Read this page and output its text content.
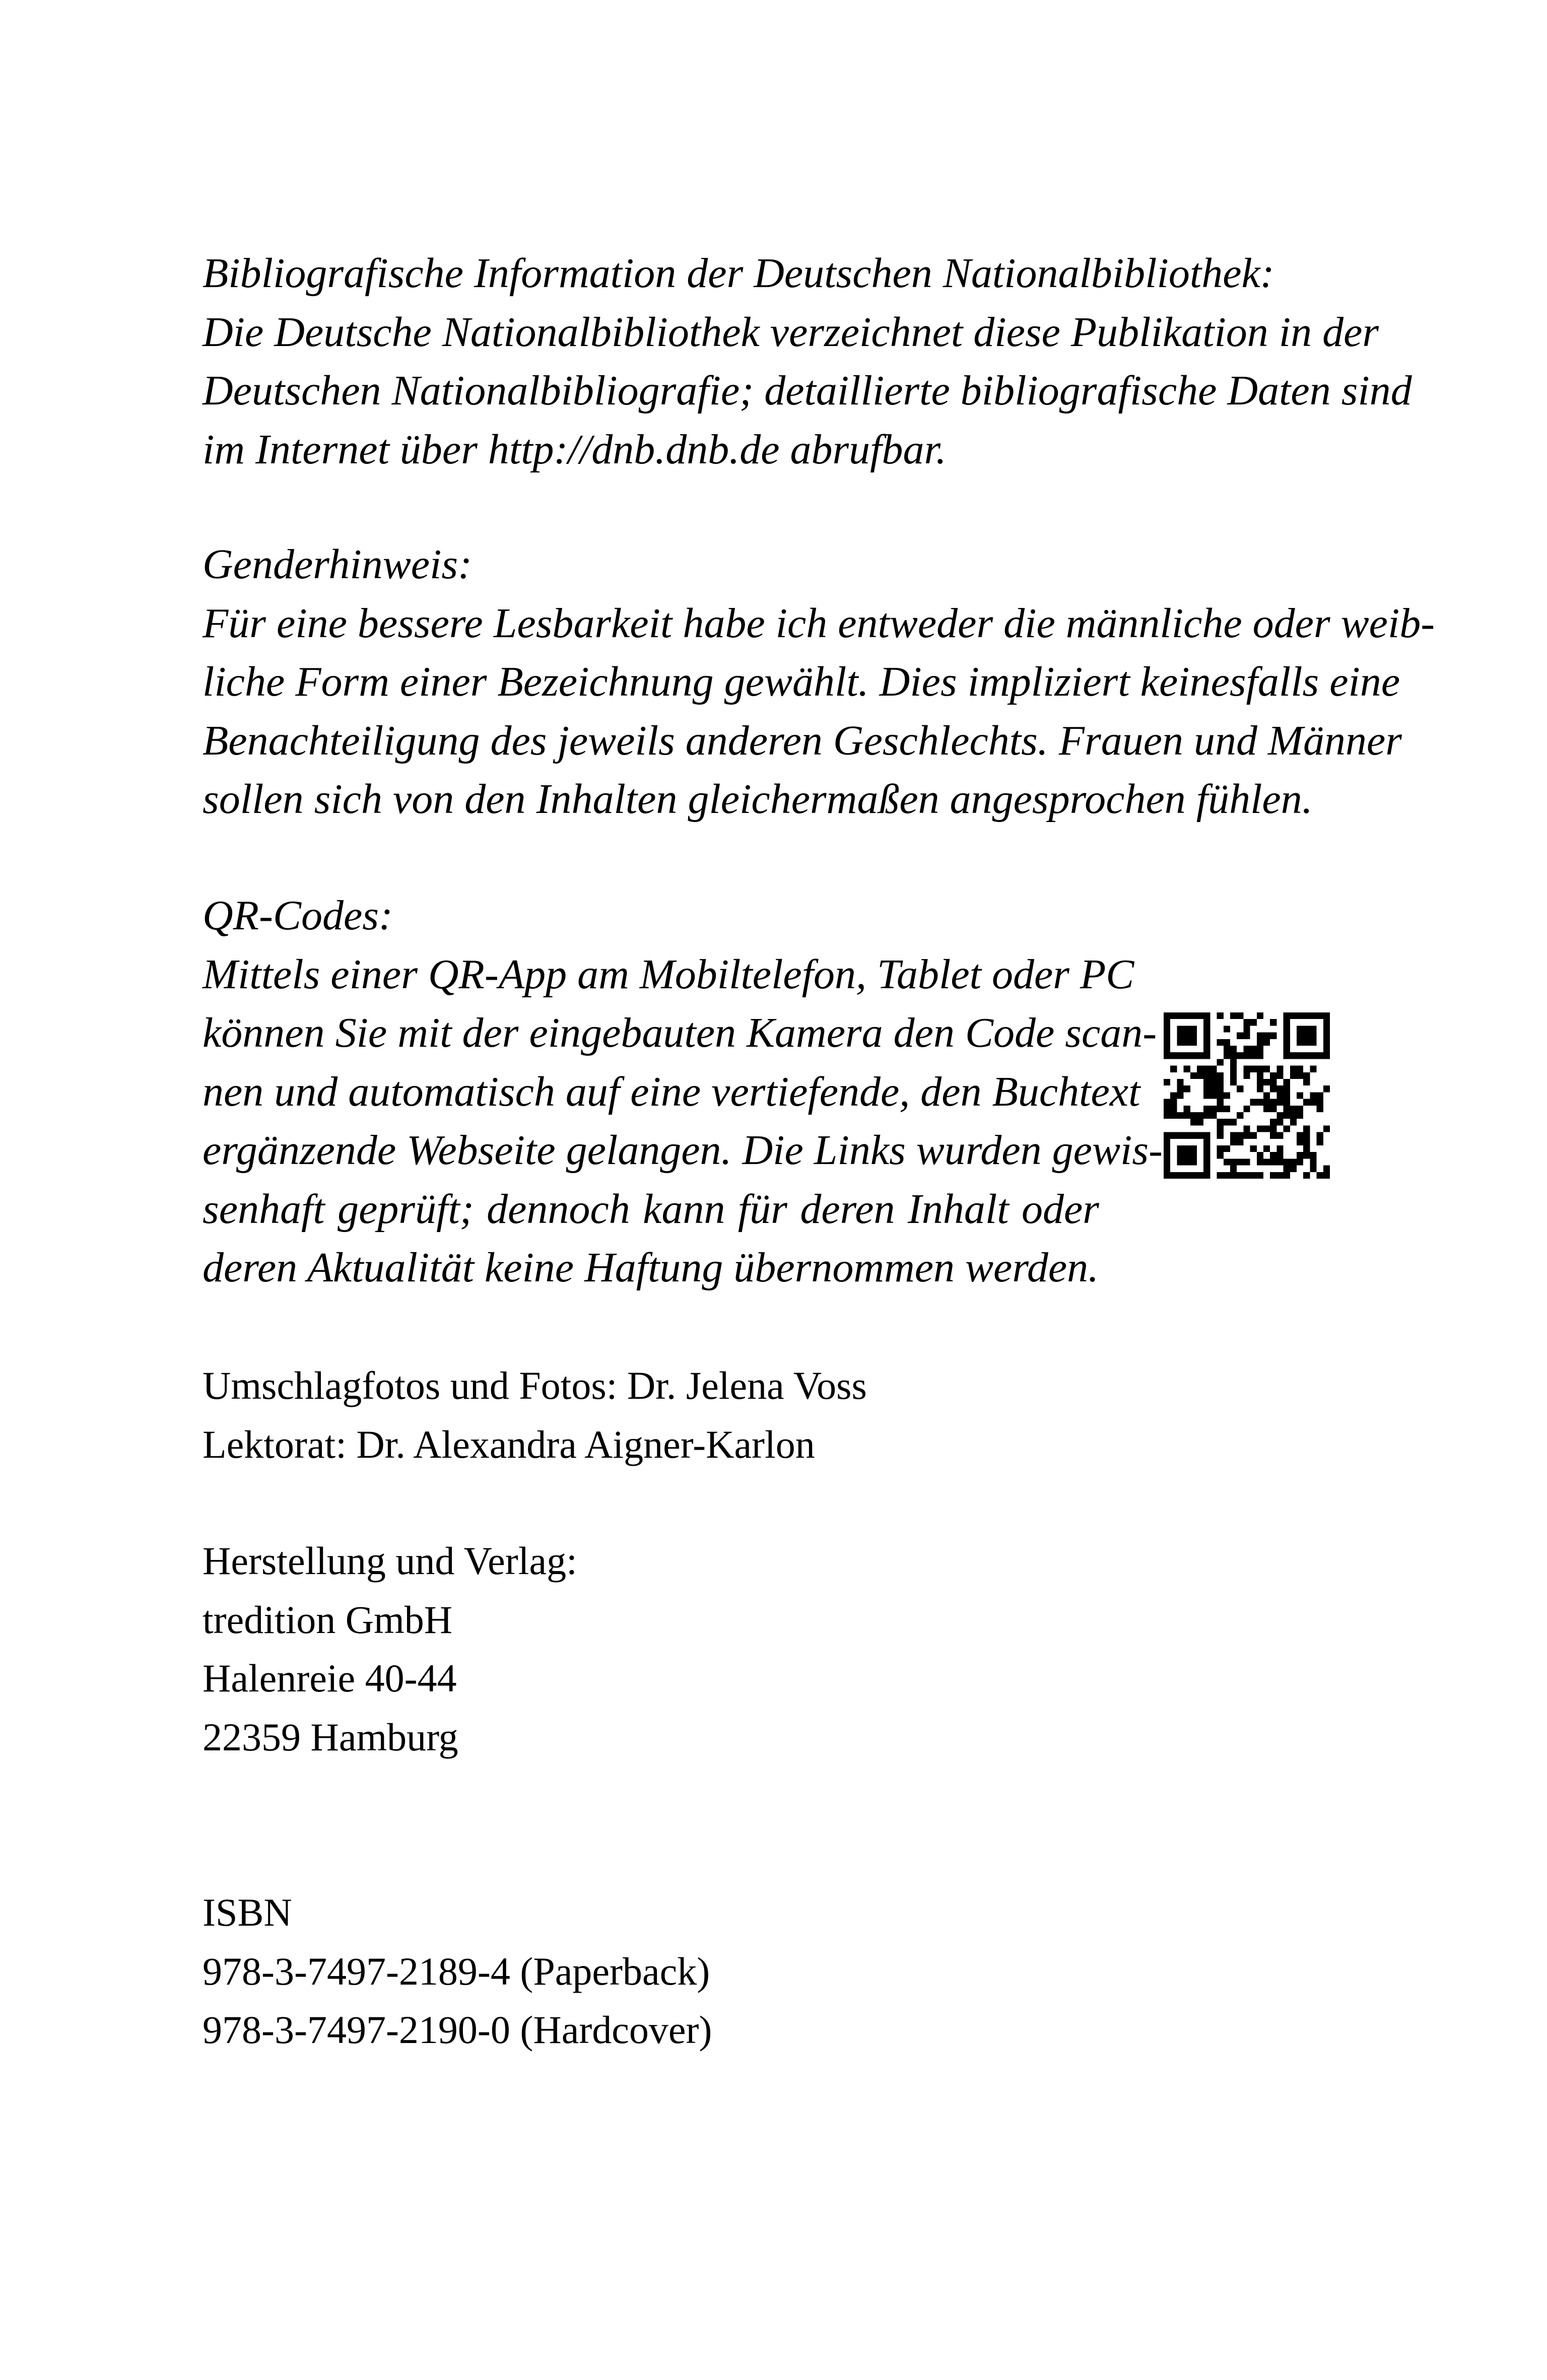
Bibliografische Information der Deutschen Nationalbibliothek:
Die Deutsche Nationalbibliothek verzeichnet diese Publikation in der
Deutschen Nationalbibliografie; detaillierte bibliografische Daten sind
im Internet über http://dnb.dnb.de abrufbar.
Genderhinweis:
Für eine bessere Lesbarkeit habe ich entweder die männliche oder weib-
liche Form einer Bezeichnung gewählt. Dies impliziert keinesfalls eine
Benachteiligung des jeweils anderen Geschlechts. Frauen und Männer
sollen sich von den Inhalten gleichermaßen angesprochen fühlen.
QR-Codes:
Mittels einer QR-App am Mobiltelefon, Tablet oder PC
können Sie mit der eingebauten Kamera den Code scan-
nen und automatisch auf eine vertiefende, den Buchtext
ergänzende Webseite gelangen. Die Links wurden gewis-
senhaft geprüft; dennoch kann für deren Inhalt oder
deren Aktualität keine Haftung übernommen werden.
Umschlagfotos und Fotos: Dr. Jelena Voss
Lektorat: Dr. Alexandra Aigner-Karlon
Herstellung und Verlag:
tredition GmbH
Halenreie 40-44
22359 Hamburg
ISBN
978-3-7497-2189-4 (Paperback)
978-3-7497-2190-0 (Hardcover)
